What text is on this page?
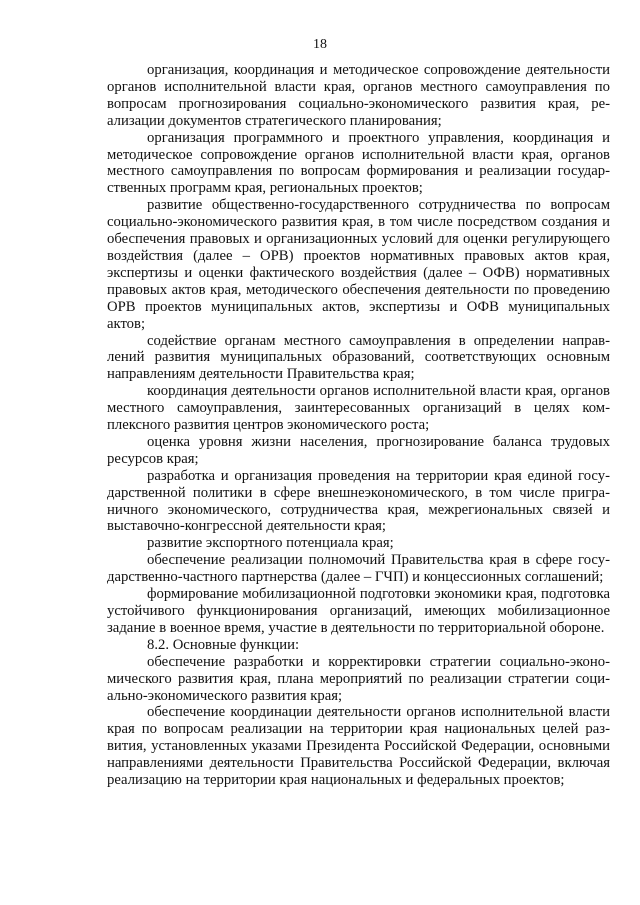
18

организация, координация и методическое сопровождение деятельности органов исполнительной власти края, органов местного самоуправления по вопросам прогнозирования социально-экономического развития края, реализации документов стратегического планирования;

организация программного и проектного управления, координация и методическое сопровождение органов исполнительной власти края, органов местного самоуправления по вопросам формирования и реализации государственных программ края, региональных проектов;

развитие общественно-государственного сотрудничества по вопросам социально-экономического развития края, в том числе посредством создания и обеспечения правовых и организационных условий для оценки регулирующего воздействия (далее – ОРВ) проектов нормативных правовых актов края, экспертизы и оценки фактического воздействия (далее – ОФВ) нормативных правовых актов края, методического обеспечения деятельности по проведению ОРВ проектов муниципальных актов, экспертизы и ОФВ муниципальных актов;

содействие органам местного самоуправления в определении направлений развития муниципальных образований, соответствующих основным направлениям деятельности Правительства края;

координация деятельности органов исполнительной власти края, органов местного самоуправления, заинтересованных организаций в целях комплексного развития центров экономического роста;

оценка уровня жизни населения, прогнозирование баланса трудовых ресурсов края;

разработка и организация проведения на территории края единой государственной политики в сфере внешнеэкономического, в том числе приграничного экономического, сотрудничества края, межрегиональных связей и выставочно-конгрессной деятельности края;

развитие экспортного потенциала края;

обеспечение реализации полномочий Правительства края в сфере государственно-частного партнерства (далее – ГЧП) и концессионных соглашений;

формирование мобилизационной подготовки экономики края, подготовка устойчивого функционирования организаций, имеющих мобилизационное задание в военное время, участие в деятельности по территориальной обороне.

8.2. Основные функции:

обеспечение разработки и корректировки стратегии социально-экономического развития края, плана мероприятий по реализации стратегии социально-экономического развития края;

обеспечение координации деятельности органов исполнительной власти края по вопросам реализации на территории края национальных целей развития, установленных указами Президента Российской Федерации, основными направлениями деятельности Правительства Российской Федерации, включая реализацию на территории края национальных и федеральных проектов;
